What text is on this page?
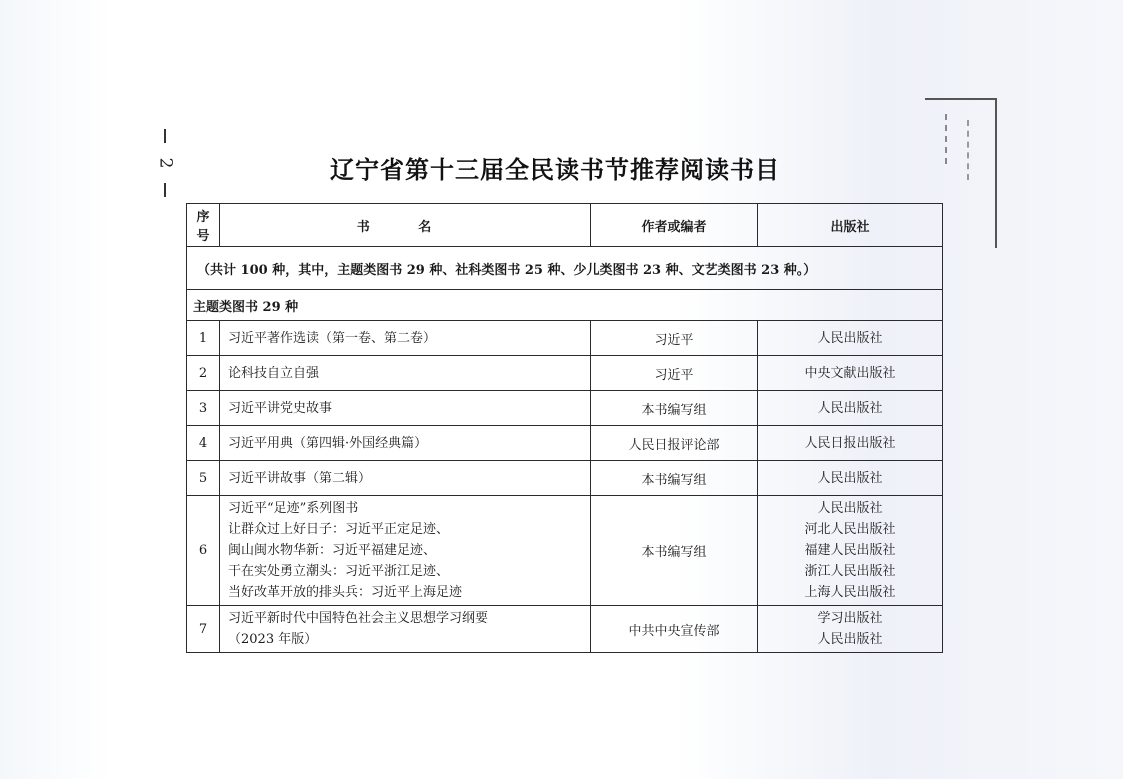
2	辽宁省第十三届全民读书节推荐阅读书目
（共计 100 种，其中，主题类图书 29 种、社科类图书 25 种、少儿类图书 23 种、文艺类图书 23 种。）			
主题类图书 29 种			
序号	书 名	作者或编者	出版社
1	习近平著作选读（第一卷、第二卷）	习近平	人民出版社

2	论科技自立自强	习近平	中央文献出版社

3	习近平讲党史故事	本书编写组	人民出版社

4	习近平用典（第四辑·外国经典篇）	人民日报评论部	人民日报出版社

5	习近平讲故事（第二辑）	本书编写组	人民出版社

6	习近平“足迹”系列图书
让群众过上好日子：习近平正定足迹、
闽山闽水物华新：习近平福建足迹、
干在实处勇立潮头：习近平浙江足迹、
当好改革开放的排头兵：习近平上海足迹	本书编写组	人民出版社
河北人民出版社
福建人民出版社
浙江人民出版社
上海人民出版社

7	习近平新时代中国特色社会主义思想学习纲要
（2023 年版）	中共中央宣传部	学习出版社
人民出版社
